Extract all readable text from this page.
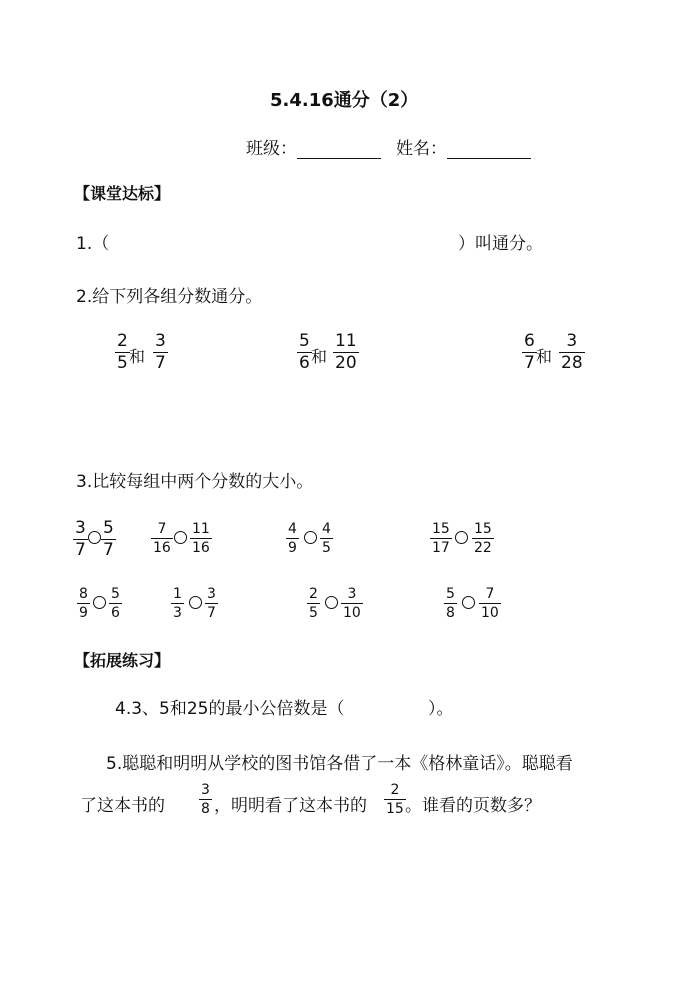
5.4.16通分（2）
班级：	姓名：
【课堂达标】
1.（	）叫通分。
2.给下列各组分数通分。
2
5 和
3
7
5
6 和
11
20
6
7 和
3
28
3.比较每组中两个分数的大小。
3
7
5
7
7
16
11
16
4
9
4
5
15
17
15
22
8
9
5
6
1
3
3
7
2
5
3
10
5
8
7
10
【拓展练习】
4.3、5和25的最小公倍数是（	）。
5.聪聪和明明从学校的图书馆各借了一本《格林童话》。聪聪看
了这本书的
3
8 ，明明看了这本书的
2
15 。谁看的页数多？
